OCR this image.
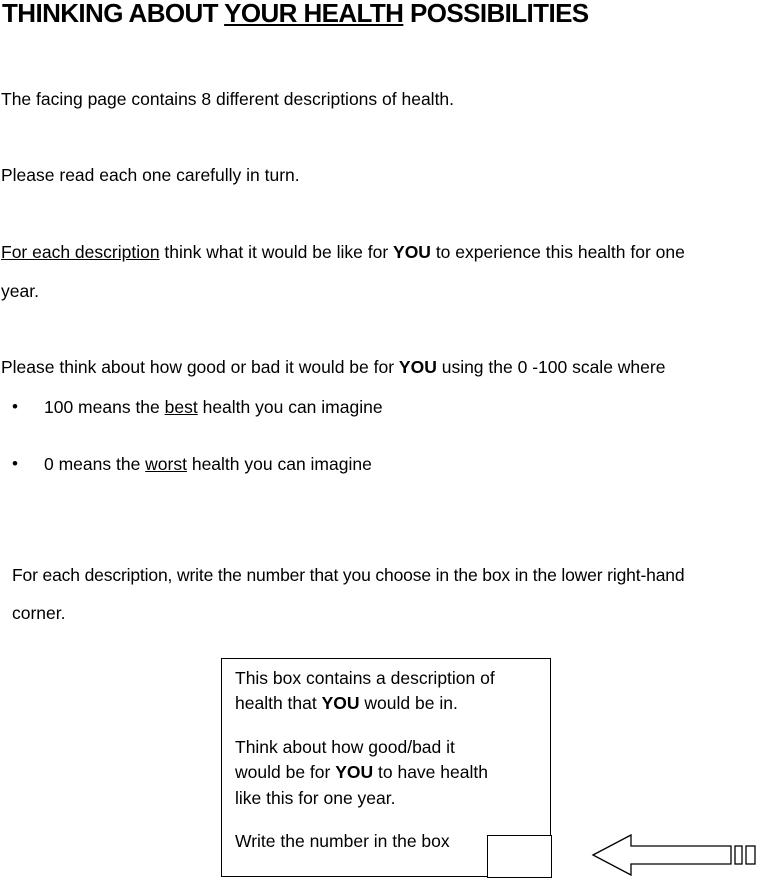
THINKING ABOUT YOUR HEALTH POSSIBILITIES
The facing page contains 8 different descriptions of health.
Please read each one carefully in turn.
For each description think what it would be like for YOU to experience this health for one
year.
Please think about how good or bad it would be for YOU using the 0 -100 scale where
• 100 means the best health you can imagine
• 0 means the worst health you can imagine
For each description, write the number that you choose in the box in the lower right-hand
corner.
This box contains a description of
health that YOU would be in.
Think about how good/bad it
would be for YOU to have health
like this for one year.
Write the number in the box
